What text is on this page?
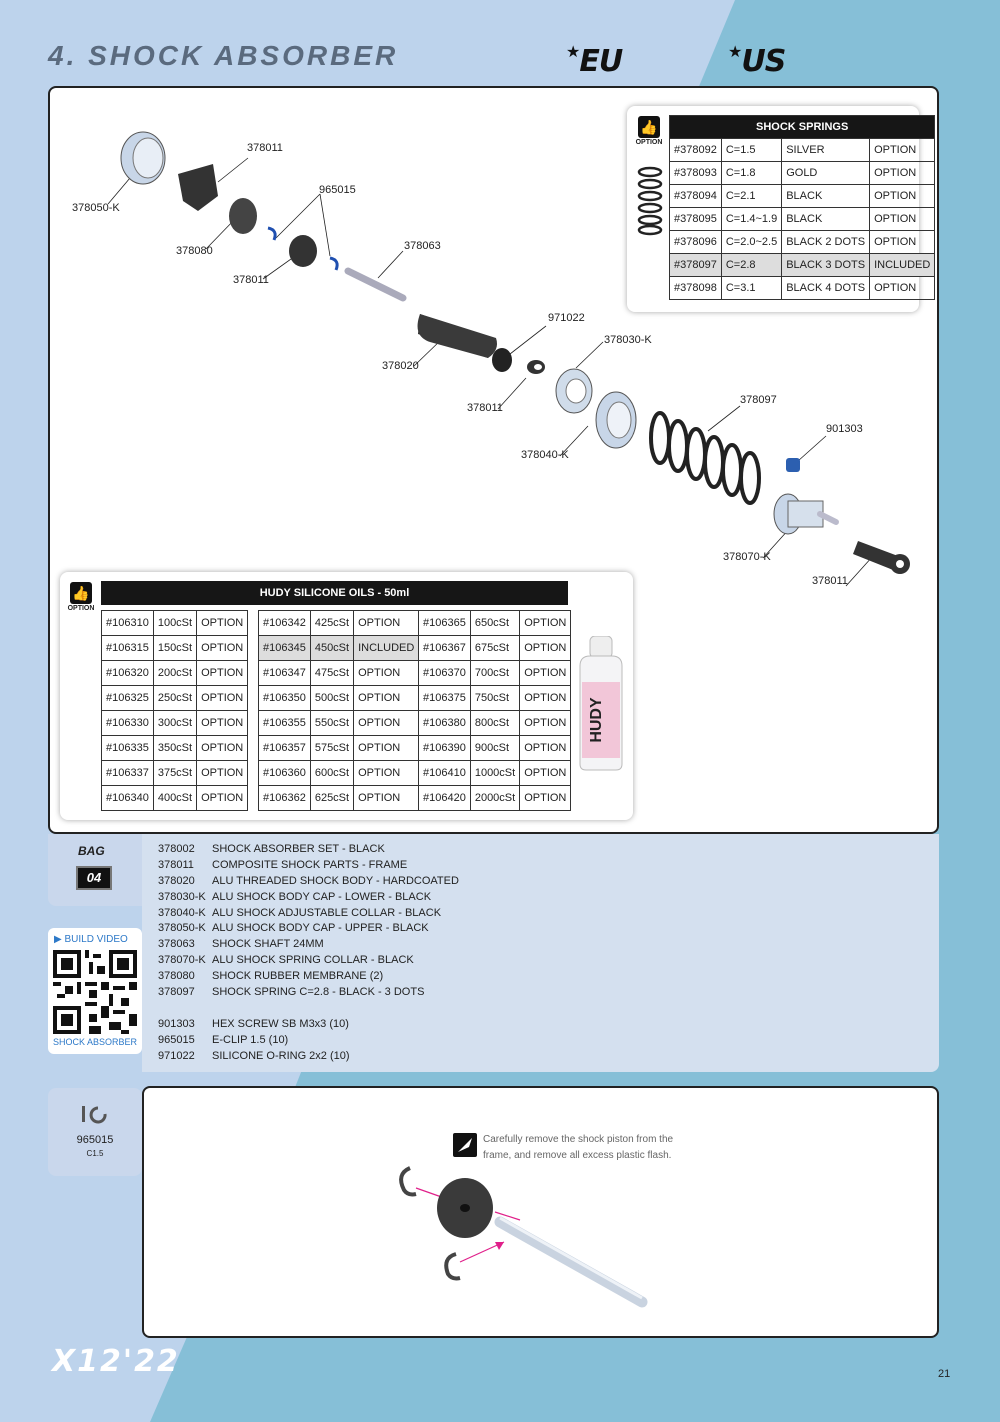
4. SHOCK ABSORBER	★EU	★US
378011
378050-K
965015
378080	378063
378011
971022
378030-K
378020
378011
378097
901303
378040-K
378070-K
378011
👍
OPTION
SHOCK SPRINGS			
#378092	C=1.5	SILVER	OPTION
#378093	C=1.8	GOLD	OPTION
#378094	C=2.1	BLACK	OPTION
#378095	C=1.4~1.9	BLACK	OPTION
#378096	C=2.0~2.5	BLACK 2 DOTS	OPTION
#378097	C=2.8	BLACK 3 DOTS	INCLUDED
#378098	C=3.1	BLACK 4 DOTS	OPTION
👍
OPTION
HUDY SILICONE OILS - 50ml
#106310	100cSt	OPTION
#106315	150cSt	OPTION
#106320	200cSt	OPTION
#106325	250cSt	OPTION
#106330	300cSt	OPTION
#106335	350cSt	OPTION
#106337	375cSt	OPTION
#106340	400cSt	OPTION
#106342	425cSt	OPTION
#106345	450cSt	INCLUDED
#106347	475cSt	OPTION
#106350	500cSt	OPTION
#106355	550cSt	OPTION
#106357	575cSt	OPTION
#106360	600cSt	OPTION
#106362	625cSt	OPTION
#106365	650cSt	OPTION
#106367	675cSt	OPTION
#106370	700cSt	OPTION
#106375	750cSt	OPTION
#106380	800cSt	OPTION
#106390	900cSt	OPTION
#106410	1000cSt	OPTION
#106420	2000cSt	OPTION
HUDY
BAG
04
378002	SHOCK ABSORBER SET - BLACK
378011	COMPOSITE SHOCK PARTS - FRAME
378020	ALU THREADED SHOCK BODY - HARDCOATED
378030-K ALU SHOCK BODY CAP - LOWER - BLACK
378040-K ALU SHOCK ADJUSTABLE COLLAR - BLACK
378050-K ALU SHOCK BODY CAP - UPPER - BLACK
378063	SHOCK SHAFT 24MM
378070-K ALU SHOCK SPRING COLLAR - BLACK
378080	SHOCK RUBBER MEMBRANE (2)
378097	SHOCK SPRING C=2.8 - BLACK - 3 DOTS
901303	HEX SCREW SB M3x3 (10)
965015	E-CLIP 1.5 (10)
971022	SILICONE O-RING 2x2 (10)
▶ BUILD VIDEO
SHOCK ABSORBER
965015
C1.5
Carefully remove the shock piston from the frame, and remove all excess plastic flash.
X12'22	21
